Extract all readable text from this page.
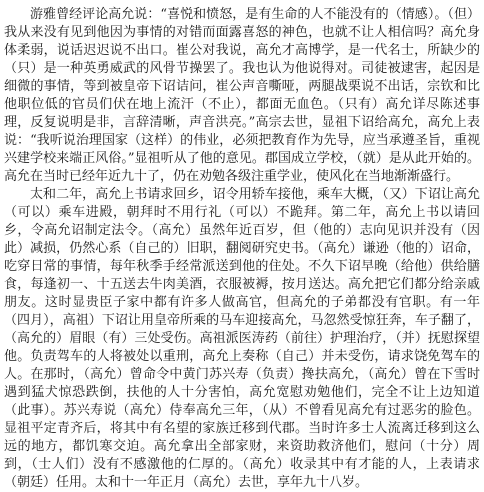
游雅曾经评论高允说：“喜悦和愤怒，是有生命的人不能没有的（情感）。（但）我从来没有见到他因为事情的对错而面露喜怒的神色，也就不让人相信吗？高允身体柔弱，说话迟迟说不出口。崔公对我说，高允才高博学，是一代名士，所缺少的（只）是一种英勇威武的风骨节操罢了。我也认为他说得对。司徒被逮害，起因是细微的事情，等到被皇帝下诏诘问，崔公声音嘶哑，两腿战栗说不出话，宗钦和比他职位低的官员们伏在地上流汗（不止），都面无血色。（只有）高允详尽陈述事理，反复说明是非，言辞清晰，声音洪亮。”高宗去世，显祖下诏给高允，高允上表说：“我听说治理国家（这样）的伟业，必须把教育作为先导，应当承遵圣旨，重视兴建学校来端正风俗。”显祖听从了他的意见。郡国成立学校，（就）是从此开始的。高允在当时已经年近九十了，仍在劝勉各级注重学业，使风化在当地渐渐盛行。

太和二年，高允上书请求回乡，诏令用轿车接他，乘车大概，（又）下诏让高允（可以）乘车进殿，朝拜时不用行礼（可以）不跪拜。第二年，高允上书以请回乡，令高允诏制定法令。（高允）虽然年近百岁，但（他的）志向见识并没有（因此）减损，仍然心系（自己的）旧职，翻阅研究史书。（高允）谦逊（他的）诏命，吃穿日常的事情，每年秋季手经常派送到他的住处。不久下诏早晚（给他）供给膳食，每逢初一、十五送去牛肉美酒，衣服被褥，按月送达。高允把它们都分给亲戚朋友。这时显贵臣子家中都有许多人做高官，但高允的子弟都没有官职。有一年（四月），高祖）下诏让用皇帝所乘的马车迎接高允，马忽然受惊狂奔，车子翻了，（高允的）眉眼（有）三处受伤。高祖派医涛药（前往）护理治疗，（并）抚慰探望他。负责驾车的人将被处以重刑，高允上奏称（自己）并未受伤，请求饶免驾车的人。在那时，（高允）曾命令中黄门苏兴寿（负责）搀扶高允，（高允）曾在下雪时遇到猛犬惊恐跌倒，扶他的人十分害怕，高允宽慰劝勉他们，完全不让上边知道（此事）。苏兴寿说（高允）侍奉高允三年，（从）不曾看见高允有过恶劣的脸色。显祖平定青齐后，将其中有名望的家族迁移到代郡。当时许多士人流离迁移到这么远的地方，都饥寒交迫。高允拿出全部家财，来资助救济他们，慰问（十分）周到，（士人们）没有不感激他的仁厚的。（高允）收录其中有才能的人，上表请求（朝廷）任用。太和十一年正月（高允）去世，享年九十八岁。
